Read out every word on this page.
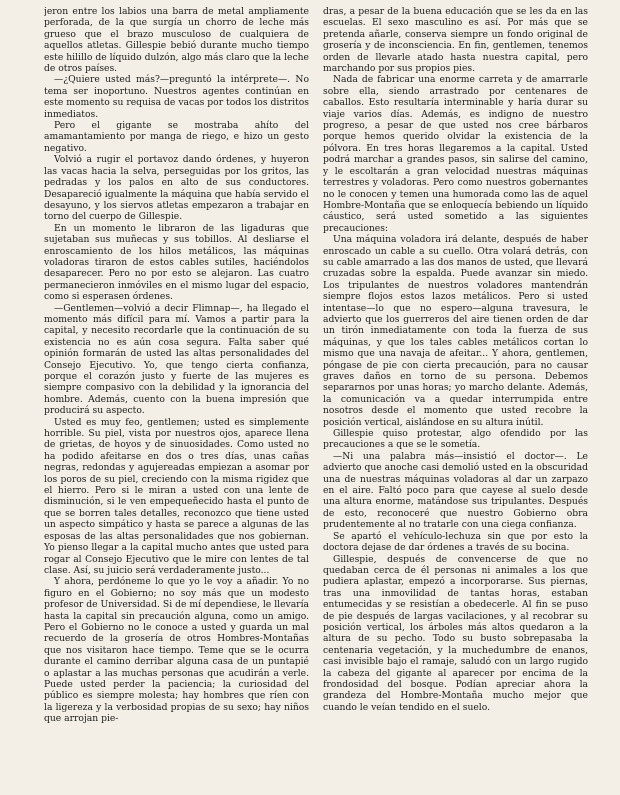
jeron entre los labios una barra de metal ampliamente perforada, de la que surgía un chorro de leche más grueso que el brazo musculoso de cualquiera de aquellos atletas. Gillespie bebió durante mucho tiempo este hilillo de líquido dulzón, algo más claro que la leche de otros países.

—¿Quiere usted más?—preguntó la intérprete—. No tema ser inoportuno. Nuestros agentes continúan en este momento su requisa de vacas por todos los distritos inmediatos.

Pero el gigante se mostraba ahíto del amamantamiento por manga de riego, e hizo un gesto negativo.

Volvió a rugir el portavoz dando órdenes, y huyeron las vacas hacia la selva, perseguidas por los gritos, las pedradas y los palos en alto de sus conductores. Desapareció igualmente la máquina que había servido el desayuno, y los siervos atletas empezaron a trabajar en torno del cuerpo de Gillespie.

En un momento le libraron de las ligaduras que sujetaban sus muñecas y sus tobillos. Al desliarse el enroscamiento de los hilos metálicos, las máquinas voladoras tiraron de estos cables sutiles, haciéndolos desaparecer. Pero no por esto se alejaron. Las cuatro permanecieron inmóviles en el mismo lugar del espacio, como si esperasen órdenes.

—Gentlemen—volvió a decir Flimnap—, ha llegado el momento más difícil para mí. Vamos a partir para la capital, y necesito recordarle que la continuación de su existencia no es aún cosa segura. Falta saber qué opinión formarán de usted las altas personalidades del Consejo Ejecutivo. Yo, que tengo cierta confianza, porque el corazón justo y fuerte de las mujeres es siempre compasivo con la debilidad y la ignorancia del hombre. Además, cuento con la buena impresión que producirá su aspecto.

Usted es muy feo, gentlemen; usted es simplemente horrible. Su piel, vista por nuestros ojos, aparece llena de grietas, de hoyos y de sinuosidades. Como usted no ha podido afeitarse en dos o tres días, unas cañas negras, redondas y agujereadas empiezan a asomar por los poros de su piel, creciendo con la misma rigidez que el hierro. Pero si le miran a usted con una lente de disminución, si le ven empequeñecido hasta el punto de que se borren tales detalles, reconozco que tiene usted un aspecto simpático y hasta se parece a algunas de las esposas de las altas personalidades que nos gobiernan. Yo pienso llegar a la capital mucho antes que usted para rogar al Consejo Ejecutivo que le mire con lentes de tal clase. Así, su juicio será verdaderamente justo...

Y ahora, perdóneme lo que yo le voy a añadir. Yo no figuro en el Gobierno; no soy más que un modesto profesor de Universidad. Si de mí dependiese, le llevaría hasta la capital sin precaución alguna, como un amigo. Pero el Gobierno no le conoce a usted y guarda un mal recuerdo de la grosería de otros Hombres-Montañas que nos visitaron hace tiempo. Teme que se le ocurra durante el camino derribar alguna casa de un puntapié o aplastar a las muchas personas que acudirán a verle. Puede usted perder la paciencia; la curiosidad del público es siempre molesta; hay hombres que ríen con la ligereza y la verbosidad propias de su sexo; hay niños que arrojan pie-

dras, a pesar de la buena educación que se les da en las escuelas. El sexo masculino es así. Por más que se pretenda añarle, conserva siempre un fondo original de grosería y de inconsciencia. En fin, gentlemen, tenemos orden de llevarle atado hasta nuestra capital, pero marchando por sus propios pies.

Nada de fabricar una enorme carreta y de amarrarle sobre ella, siendo arrastrado por centenares de caballos. Esto resultaría interminable y haría durar su viaje varios días. Además, es indigno de nuestro progreso, a pesar de que usted nos cree bárbaros porque hemos querido olvidar la existencia de la pólvora. En tres horas llegaremos a la capital. Usted podrá marchar a grandes pasos, sin salirse del camino, y le escoltarán a gran velocidad nuestras máquinas terrestres y voladoras. Pero como nuestros gobernantes no le conocen y temen una humorada como las de aquel Hombre-Montaña que se enloquecía bebiendo un líquido cáustico, será usted sometido a las siguientes precauciones:

Una máquina voladora irá delante, después de haber enroscado un cable a su cuello. Otra volará detrás, con su cable amarrado a las dos manos de usted, que llevará cruzadas sobre la espalda. Puede avanzar sin miedo. Los tripulantes de nuestros voladores mantendrán siempre flojos estos lazos metálicos. Pero si usted intentase—lo que no espero—alguna travesura, le advierto que los guerreros del aire tienen orden de dar un tirón inmediatamente con toda la fuerza de sus máquinas, y que los tales cables metálicos cortan lo mismo que una navaja de afeitar... Y ahora, gentlemen, póngase de pie con cierta precaución, para no causar graves daños en torno de su persona. Debemos separarnos por unas horas; yo marcho delante. Además, la comunicación va a quedar interrumpida entre nosotros desde el momento que usted recobre la posición vertical, aislándose en su altura inútil.

Gillespie quiso protestar, algo ofendido por las precauciones a que se le sometía.

—Ni una palabra más—insistió el doctor—. Le advierto que anoche casi demolió usted en la obscuridad una de nuestras máquinas voladoras al dar un zarpazo en el aire. Faltó poco para que cayese al suelo desde una altura enorme, matándose sus tripulantes. Después de esto, reconoceré que nuestro Gobierno obra prudentemente al no tratarle con una ciega confianza.

Se apartó el vehículo-lechuza sin que por esto la doctora dejase de dar órdenes a través de su bocina.

Gillespie, después de convencerse de que no quedaban cerca de él personas ni animales a los que pudiera aplastar, empezó a incorporarse. Sus piernas, tras una inmovilidad de tantas horas, estaban entumecidas y se resistían a obedecerle. Al fin se puso de pie después de largas vacilaciones, y al recobrar su posición vertical, los árboles más altos quedaron a la altura de su pecho. Todo su busto sobrepasaba la centenaria vegetación, y la muchedumbre de enanos, casi invisible bajo el ramaje, saludó con un largo rugido la cabeza del gigante al aparecer por encima de la frondosidad del bosque. Podían apreciar ahora la grandeza del Hombre-Montaña mucho mejor que cuando le veían tendido en el suelo.
